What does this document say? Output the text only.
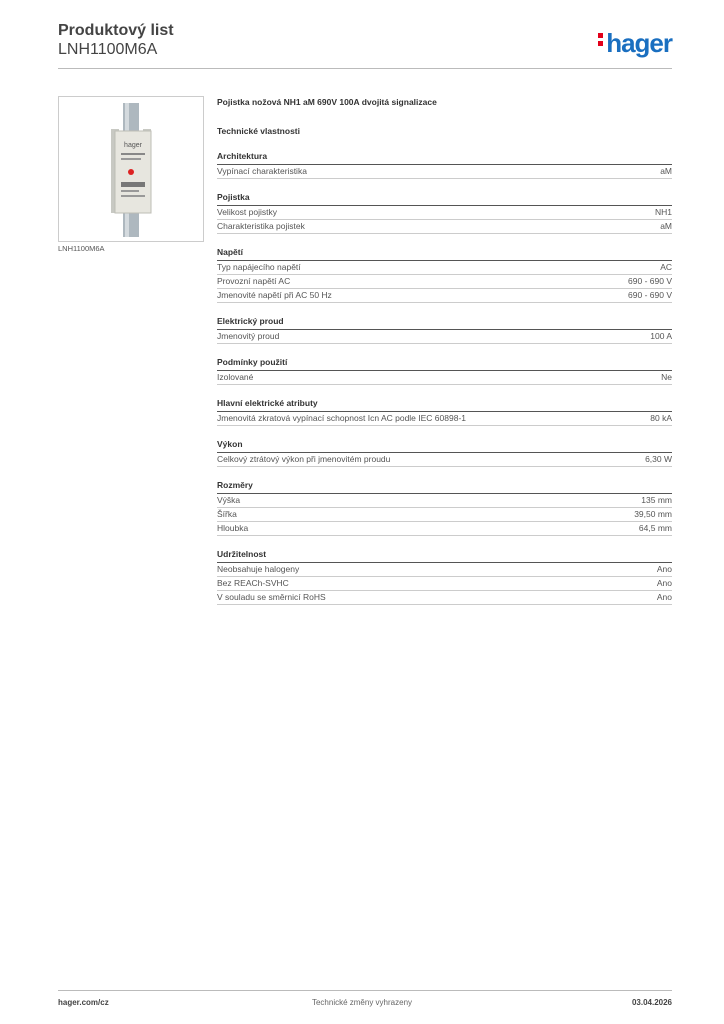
Produktový list
LNH1100M6A	hager
hager
LNH1100M6A
Pojistka nožová NH1 aM 690V 100A dvojitá signalizace
Technické vlastnosti
Architektura
Vypínací charakteristika	aM
Pojistka
Velikost pojistky	NH1
Charakteristika pojistek	aM
Napětí
Typ napájecího napětí	AC
Provozní napětí AC	690 - 690 V
Jmenovité napětí při AC 50 Hz	690 - 690 V
Elektrický proud
Jmenovitý proud	100 A
Podmínky použití
Izolované	Ne
Hlavní elektrické atributy
Jmenovitá zkratová vypínací schopnost Icn AC podle IEC 60898-1	80 kA
Výkon
Celkový ztrátový výkon při jmenovitém proudu	6,30 W
Rozměry
Výška	135 mm
Šířka	39,50 mm
Hloubka	64,5 mm
Udržitelnost
Neobsahuje halogeny	Ano
Bez REACh-SVHC	Ano
V souladu se směrnicí RoHS	Ano
hager.com/cz	Technické změny vyhrazeny	03.04.2026
